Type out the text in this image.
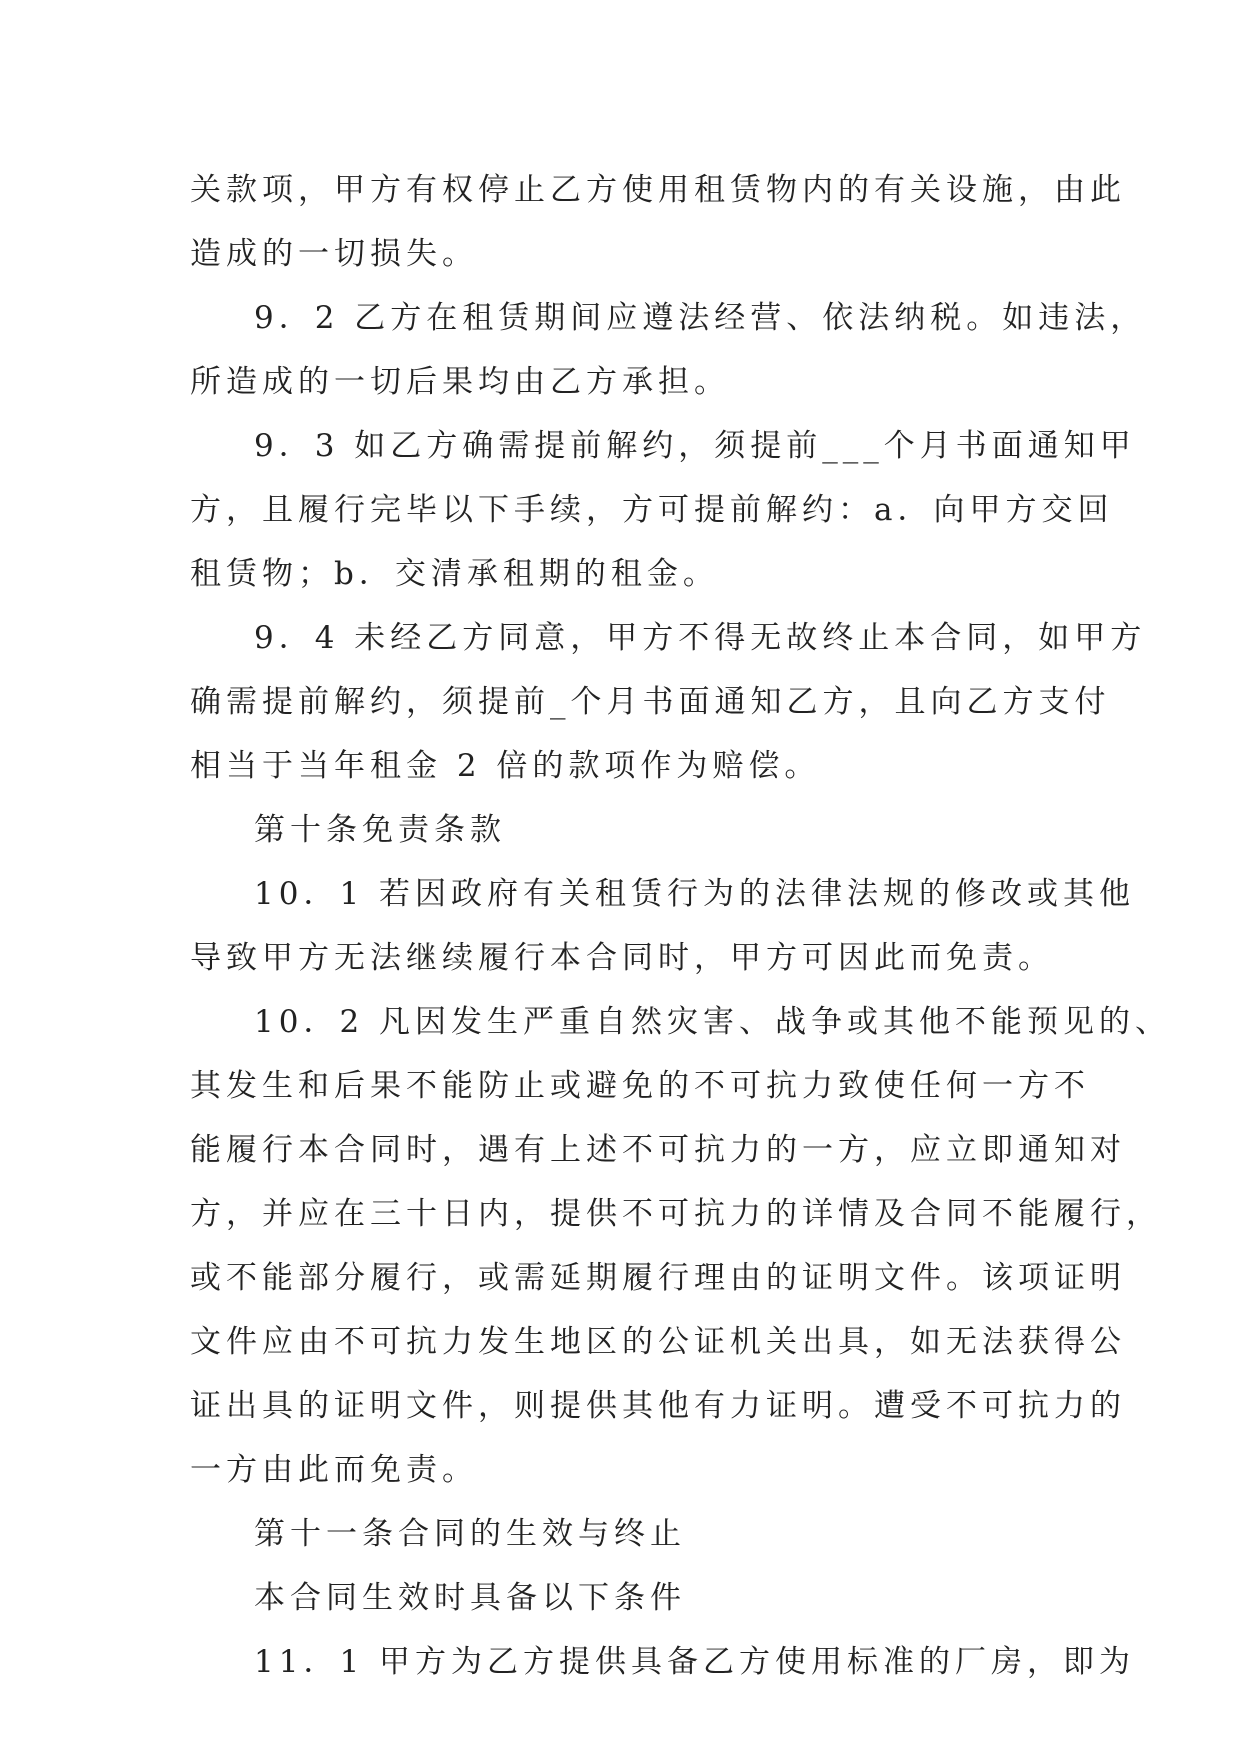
关款项，甲方有权停止乙方使用租赁物内的有关设施，由此
造成的一切损失。
9．2 乙方在租赁期间应遵法经营、依法纳税。如违法，
所造成的一切后果均由乙方承担。
9．3 如乙方确需提前解约，须提前___个月书面通知甲
方，且履行完毕以下手续，方可提前解约：a．向甲方交回
租赁物；b．交清承租期的租金。
9．4 未经乙方同意，甲方不得无故终止本合同，如甲方
确需提前解约，须提前_个月书面通知乙方，且向乙方支付
相当于当年租金 2 倍的款项作为赔偿。
第十条免责条款
10．1 若因政府有关租赁行为的法律法规的修改或其他
导致甲方无法继续履行本合同时，甲方可因此而免责。
10．2 凡因发生严重自然灾害、战争或其他不能预见的、
其发生和后果不能防止或避免的不可抗力致使任何一方不
能履行本合同时，遇有上述不可抗力的一方，应立即通知对
方，并应在三十日内，提供不可抗力的详情及合同不能履行，
或不能部分履行，或需延期履行理由的证明文件。该项证明
文件应由不可抗力发生地区的公证机关出具，如无法获得公
证出具的证明文件，则提供其他有力证明。遭受不可抗力的
一方由此而免责。
第十一条合同的生效与终止
本合同生效时具备以下条件
11．1 甲方为乙方提供具备乙方使用标准的厂房，即为
